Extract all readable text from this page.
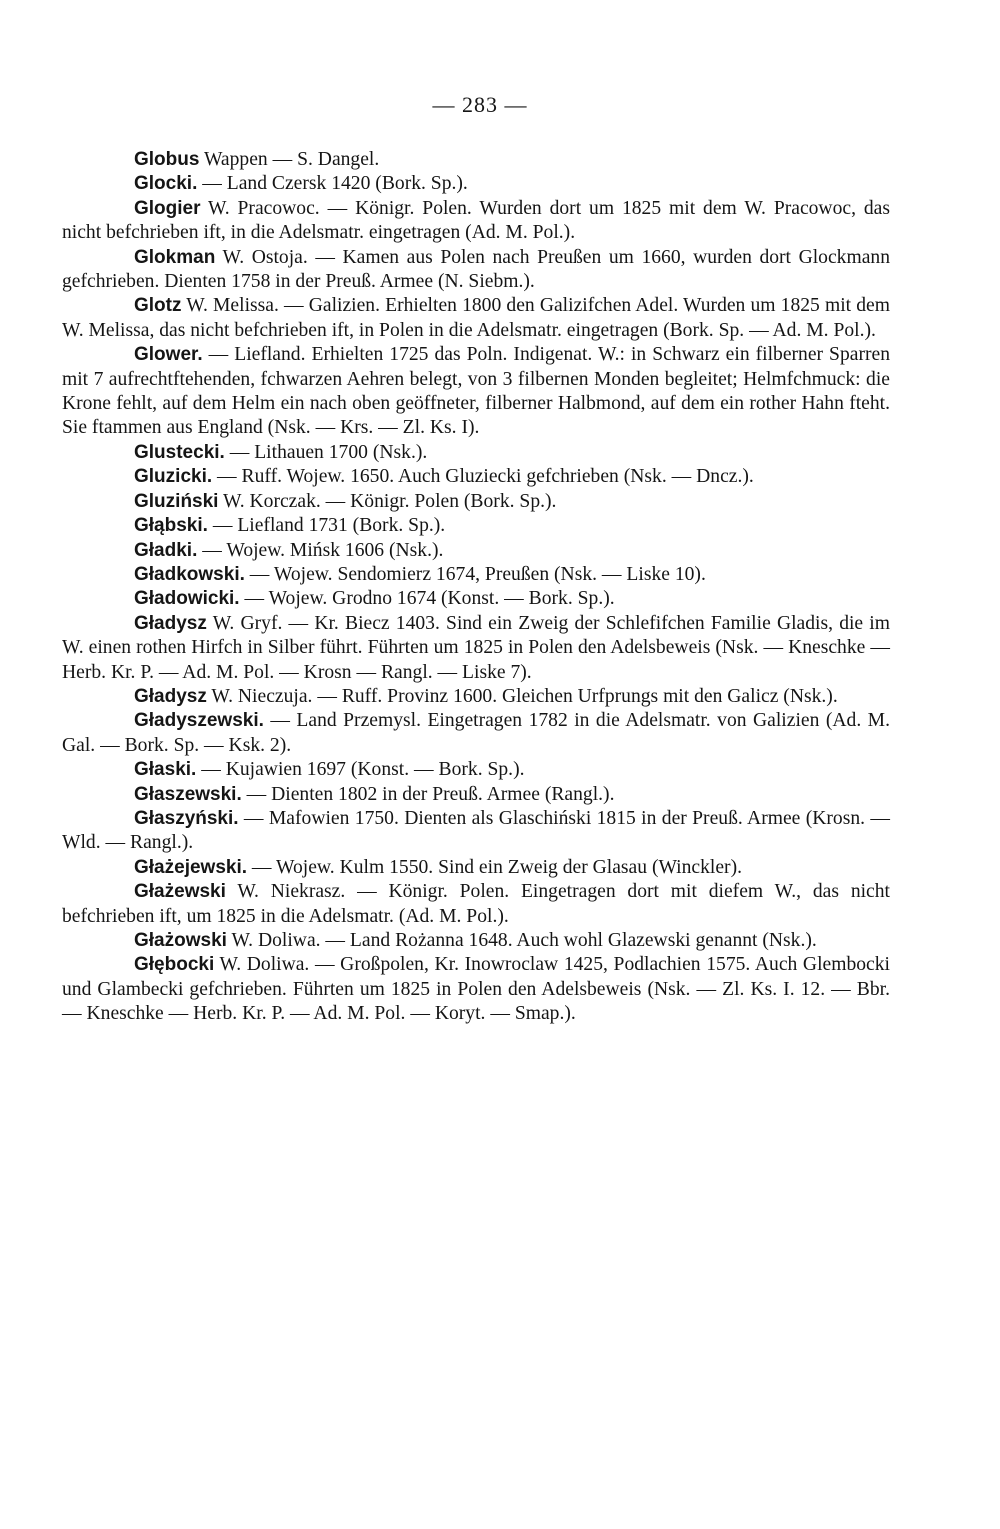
— 283 —

Globus Wappen — S. Dangel.

Glocki. — Land Czersk 1420 (Bork. Sp.).

Glogier W. Pracowoc. — Königr. Polen. Wurden dort um 1825 mit dem W. Pracowoc, das nicht befchrieben ift, in die Adelsmatr. eingetragen (Ad. M. Pol.).

Glokman W. Ostoja. — Kamen aus Polen nach Preußen um 1660, wurden dort Glockmann gefchrieben. Dienten 1758 in der Preuß. Armee (N. Siebm.).

Glotz W. Melissa. — Galizien. Erhielten 1800 den Galizifchen Adel. Wurden um 1825 mit dem W. Melissa, das nicht befchrieben ift, in Polen in die Adelsmatr. eingetragen (Bork. Sp. — Ad. M. Pol.).

Glower. — Liefland. Erhielten 1725 das Poln. Indigenat. W.: in Schwarz ein filberner Sparren mit 7 aufrechtftehenden, fchwarzen Aehren belegt, von 3 filbernen Monden begleitet; Helmfchmuck: die Krone fehlt, auf dem Helm ein nach oben geöffneter, filberner Halbmond, auf dem ein rother Hahn fteht. Sie ftammen aus England (Nsk. — Krs. — Zl. Ks. I).

Glustecki. — Lithauen 1700 (Nsk.).

Gluzicki. — Ruff. Wojew. 1650. Auch Gluziecki gefchrieben (Nsk. — Dncz.).

Gluziński W. Korczak. — Königr. Polen (Bork. Sp.).

Głąbski. — Liefland 1731 (Bork. Sp.).

Gładki. — Wojew. Mińsk 1606 (Nsk.).

Gładkowski. — Wojew. Sendomierz 1674, Preußen (Nsk. — Liske 10).

Gładowicki. — Wojew. Grodno 1674 (Konst. — Bork. Sp.).

Gładysz W. Gryf. — Kr. Biecz 1403. Sind ein Zweig der Schlefifchen Familie Gladis, die im W. einen rothen Hirfch in Silber führt. Führten um 1825 in Polen den Adelsbeweis (Nsk. — Kneschke — Herb. Kr. P. — Ad. M. Pol. — Krosn — Rangl. — Liske 7).

Gładysz W. Nieczuja. — Ruff. Provinz 1600. Gleichen Urfprungs mit den Galicz (Nsk.).

Gładyszewski. — Land Przemysl. Eingetragen 1782 in die Adelsmatr. von Galizien (Ad. M. Gal. — Bork. Sp. — Ksk. 2).

Głaski. — Kujawien 1697 (Konst. — Bork. Sp.).

Głaszewski. — Dienten 1802 in der Preuß. Armee (Rangl.).

Głaszyński. — Mafowien 1750. Dienten als Glaschiński 1815 in der Preuß. Armee (Krosn. — Wld. — Rangl.).

Głażejewski. — Wojew. Kulm 1550. Sind ein Zweig der Glasau (Winckler).

Głażewski W. Niekrasz. — Königr. Polen. Eingetragen dort mit diefem W., das nicht befchrieben ift, um 1825 in die Adelsmatr. (Ad. M. Pol.).

Głażowski W. Doliwa. — Land Rożanna 1648. Auch wohl Glazewski genannt (Nsk.).

Głębocki W. Doliwa. — Großpolen, Kr. Inowroclaw 1425, Podlachien 1575. Auch Glembocki und Glambecki gefchrieben. Führten um 1825 in Polen den Adelsbeweis (Nsk. — Zl. Ks. I. 12. — Bbr. — Kneschke — Herb. Kr. P. — Ad. M. Pol. — Koryt. — Smap.).
